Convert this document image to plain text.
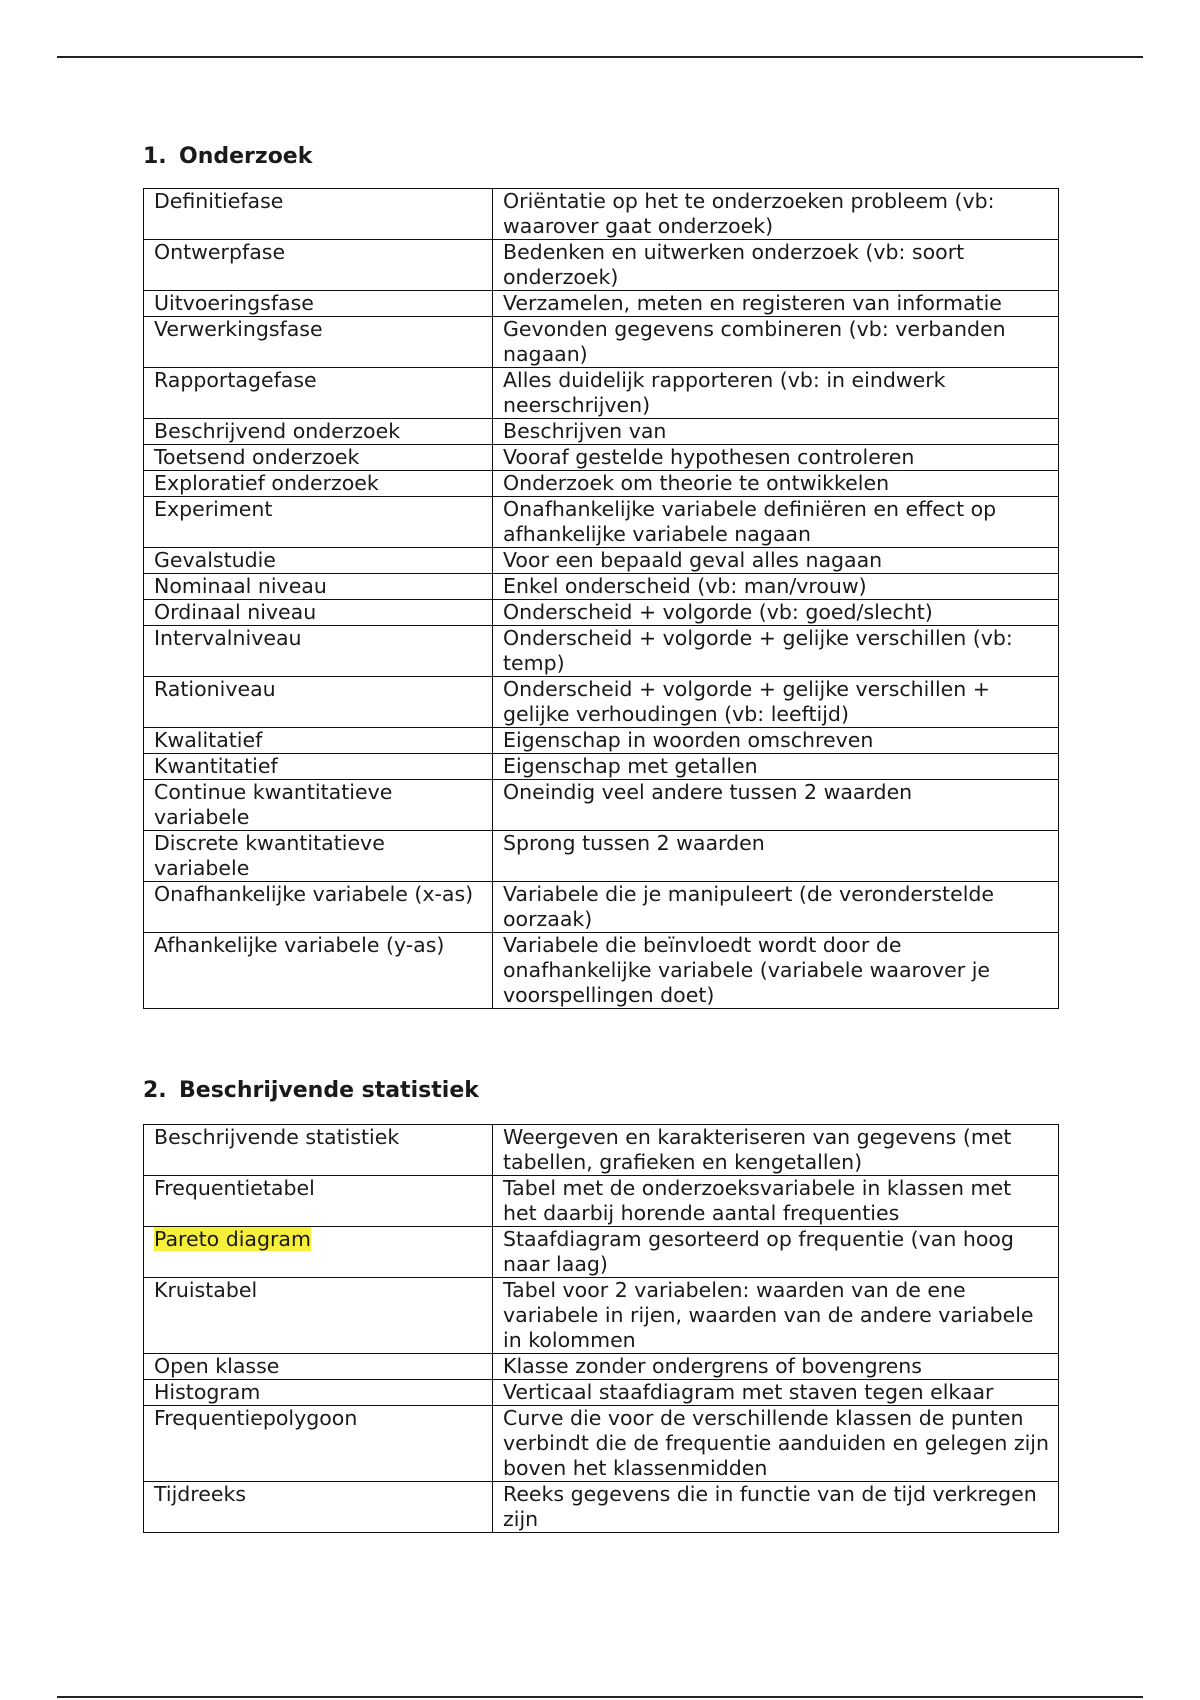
1. Onderzoek
Definitiefase	Oriëntatie op het te onderzoeken probleem (vb: waarover gaat onderzoek)
Ontwerpfase	Bedenken en uitwerken onderzoek (vb: soort onderzoek)
Uitvoeringsfase	Verzamelen, meten en registeren van informatie
Verwerkingsfase	Gevonden gegevens combineren (vb: verbanden nagaan)
Rapportagefase	Alles duidelijk rapporteren (vb: in eindwerk neerschrijven)
Beschrijvend onderzoek	Beschrijven van
Toetsend onderzoek	Vooraf gestelde hypothesen controleren
Exploratief onderzoek	Onderzoek om theorie te ontwikkelen
Experiment	Onafhankelijke variabele definiëren en effect op afhankelijke variabele nagaan
Gevalstudie	Voor een bepaald geval alles nagaan
Nominaal niveau	Enkel onderscheid (vb: man/vrouw)
Ordinaal niveau	Onderscheid + volgorde (vb: goed/slecht)
Intervalniveau	Onderscheid + volgorde + gelijke verschillen (vb: temp)
Rationiveau	Onderscheid + volgorde + gelijke verschillen + gelijke verhoudingen (vb: leeftijd)
Kwalitatief	Eigenschap in woorden omschreven
Kwantitatief	Eigenschap met getallen
Continue kwantitatieve variabele	Oneindig veel andere tussen 2 waarden
Discrete kwantitatieve variabele	Sprong tussen 2 waarden
Onafhankelijke variabele (x-as)	Variabele die je manipuleert (de veronderstelde oorzaak)
Afhankelijke variabele (y-as)	Variabele die beïnvloedt wordt door de onafhankelijke variabele (variabele waarover je voorspellingen doet)
2. Beschrijvende statistiek
Beschrijvende statistiek	Weergeven en karakteriseren van gegevens (met tabellen, grafieken en kengetallen)
Frequentietabel	Tabel met de onderzoeksvariabele in klassen met het daarbij horende aantal frequenties
Pareto diagram	Staafdiagram gesorteerd op frequentie (van hoog naar laag)
Kruistabel	Tabel voor 2 variabelen: waarden van de ene variabele in rijen, waarden van de andere variabele in kolommen
Open klasse	Klasse zonder ondergrens of bovengrens
Histogram	Verticaal staafdiagram met staven tegen elkaar
Frequentiepolygoon	Curve die voor de verschillende klassen de punten verbindt die de frequentie aanduiden en gelegen zijn boven het klassenmidden
Tijdreeks	Reeks gegevens die in functie van de tijd verkregen zijn
